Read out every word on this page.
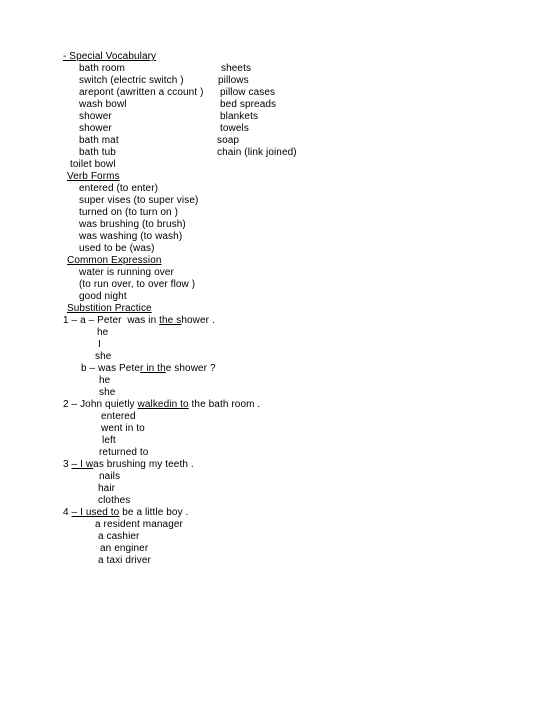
- Special Vocabulary
bath room
switch (electric switch )
arepont (awritten a ccount )
wash bowl
shower
shower
bath mat
bath tub
sheets
pillows
pillow cases
bed spreads
blankets
towels
soap
chain (link joined)
toilet bowl
Verb Forms
entered (to enter)
super vises (to super vise)
turned on (to turn on )
was brushing (to brush)
was washing (to wash)
used to be (was)
Common Expression
water is running over
(to run over, to over flow )
good night
Substition Practice
1 – a – Peter  was in the shower .
he
I
she
b – was Peter in the shower ?
he
she
2 – John quietly walkedin to the bath room .
entered
went in to
left
returned to
3 – I was brushing my teeth .
nails
hair
clothes
4 – I used to be a little boy .
a resident manager
a cashier
an enginer
a taxi driver
